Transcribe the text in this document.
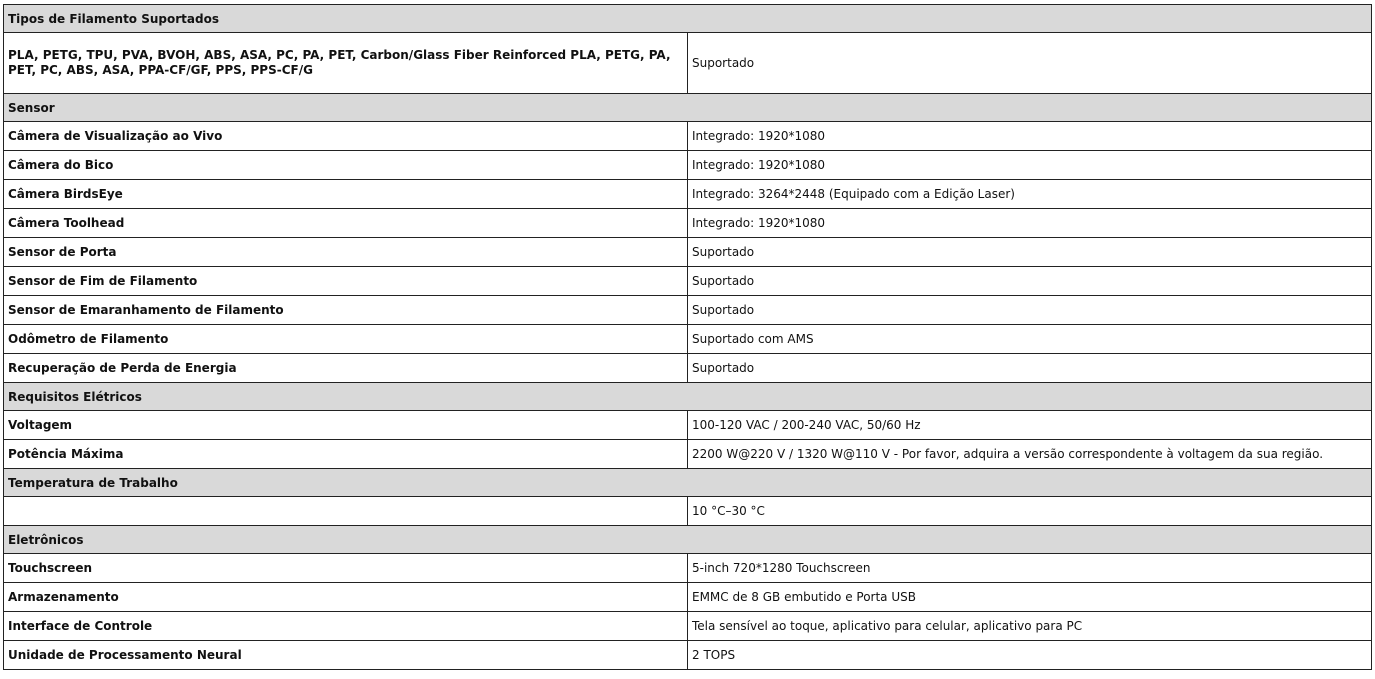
Tipos de Filamento Suportados	
PLA, PETG, TPU, PVA, BVOH, ABS, ASA, PC, PA, PET, Carbon/Glass Fiber Reinforced PLA, PETG, PA, PET, PC, ABS, ASA, PPA-CF/GF, PPS, PPS-CF/G	Suportado
Sensor	
Câmera de Visualização ao Vivo	Integrado: 1920*1080
Câmera do Bico	Integrado: 1920*1080
Câmera BirdsEye	Integrado: 3264*2448 (Equipado com a Edição Laser)
Câmera Toolhead	Integrado: 1920*1080
Sensor de Porta	Suportado
Sensor de Fim de Filamento	Suportado
Sensor de Emaranhamento de Filamento	Suportado
Odômetro de Filamento	Suportado com AMS
Recuperação de Perda de Energia	Suportado
Requisitos Elétricos	
Voltagem	100-120 VAC / 200-240 VAC, 50/60 Hz
Potência Máxima	2200 W@220 V / 1320 W@110 V - Por favor, adquira a versão correspondente à voltagem da sua região.
Temperatura de Trabalho	
	10 °C–30 °C
Eletrônicos	
Touchscreen	5-inch 720*1280 Touchscreen
Armazenamento	EMMC de 8 GB embutido e Porta USB
Interface de Controle	Tela sensível ao toque, aplicativo para celular, aplicativo para PC
Unidade de Processamento Neural	2 TOPS
